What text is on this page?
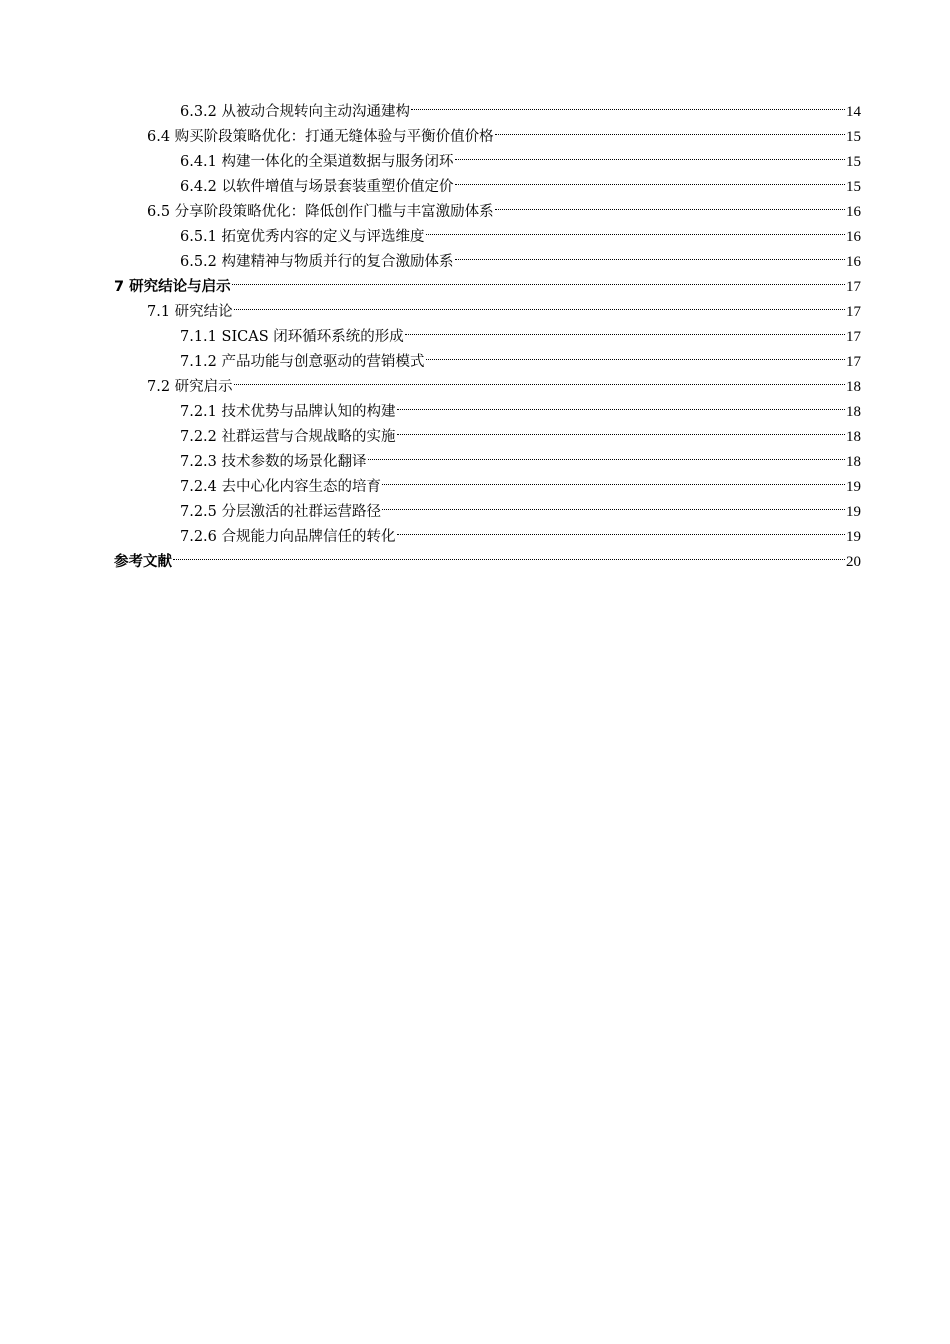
6.3.2 从被动合规转向主动沟通建构	14
6.4 购买阶段策略优化：打通无缝体验与平衡价值价格	15
6.4.1 构建一体化的全渠道数据与服务闭环	15
6.4.2 以软件增值与场景套装重塑价值定价	15
6.5 分享阶段策略优化：降低创作门槛与丰富激励体系	16
6.5.1 拓宽优秀内容的定义与评选维度	16
6.5.2 构建精神与物质并行的复合激励体系	16
7 研究结论与启示	17
7.1 研究结论	17
7.1.1 SICAS 闭环循环系统的形成	17
7.1.2 产品功能与创意驱动的营销模式	17
7.2 研究启示	18
7.2.1 技术优势与品牌认知的构建	18
7.2.2 社群运营与合规战略的实施	18
7.2.3 技术参数的场景化翻译	18
7.2.4 去中心化内容生态的培育	19
7.2.5 分层激活的社群运营路径	19
7.2.6 合规能力向品牌信任的转化	19
参考文献	20
